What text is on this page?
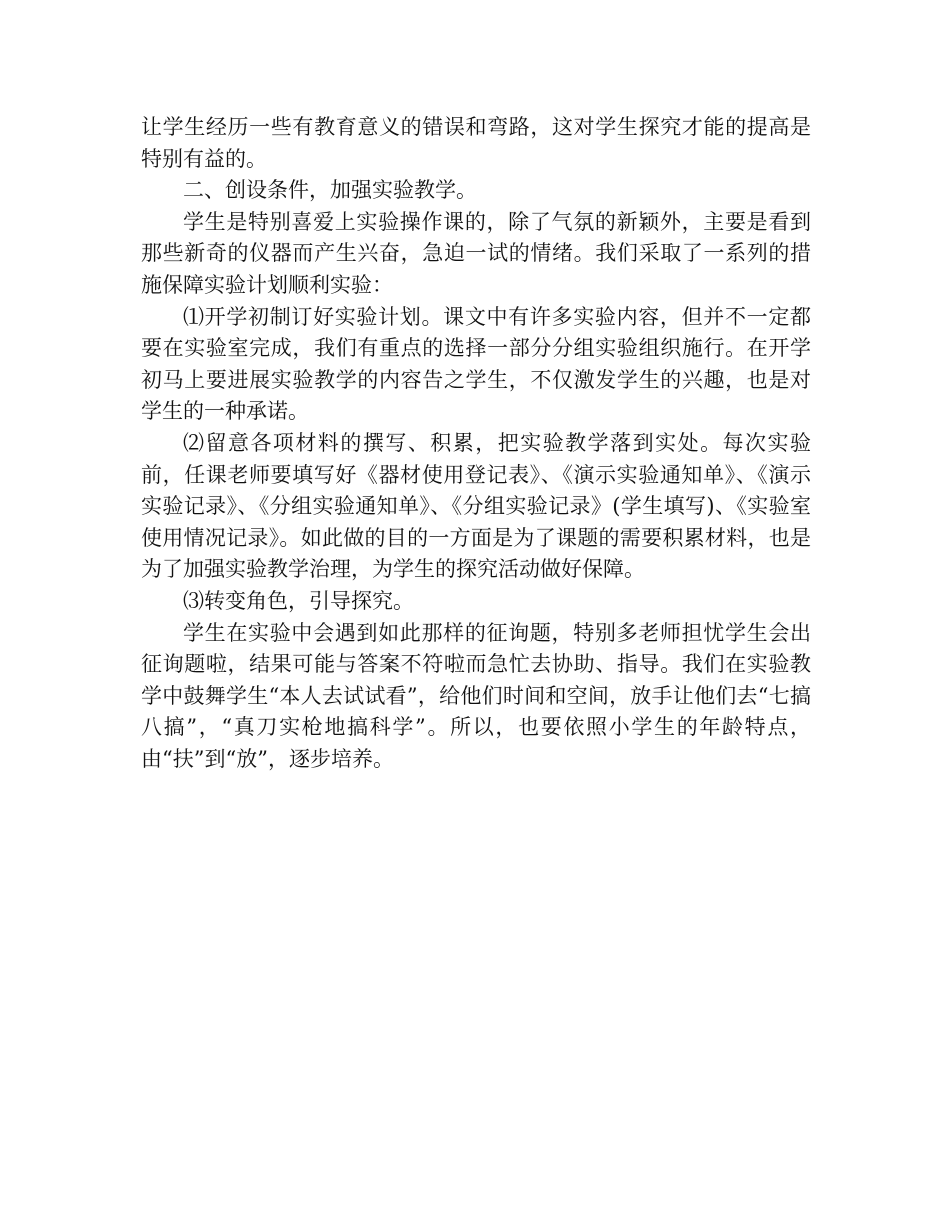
让学生经历一些有教育意义的错误和弯路，这对学生探究才能的提高是特别有益的。

二、创设条件，加强实验教学。

学生是特别喜爱上实验操作课的，除了气氛的新颖外，主要是看到那些新奇的仪器而产生兴奋，急迫一试的情绪。我们采取了一系列的措施保障实验计划顺利实验：

⑴开学初制订好实验计划。课文中有许多实验内容，但并不一定都要在实验室完成，我们有重点的选择一部分分组实验组织施行。在开学初马上要进展实验教学的内容告之学生，不仅激发学生的兴趣，也是对学生的一种承诺。

⑵留意各项材料的撰写、积累，把实验教学落到实处。每次实验前，任课老师要填写好《器材使用登记表》、《演示实验通知单》、《演示实验记录》、《分组实验通知单》、《分组实验记录》(学生填写)、《实验室使用情况记录》。如此做的目的一方面是为了课题的需要积累材料，也是为了加强实验教学治理，为学生的探究活动做好保障。

⑶转变角色，引导探究。

学生在实验中会遇到如此那样的征询题，特别多老师担忧学生会出征询题啦，结果可能与答案不符啦而急忙去协助、指导。我们在实验教学中鼓舞学生“本人去试试看”，给他们时间和空间，放手让他们去“七搞八搞”，“真刀实枪地搞科学”。所以，也要依照小学生的年龄特点，由“扶”到“放”，逐步培养。
